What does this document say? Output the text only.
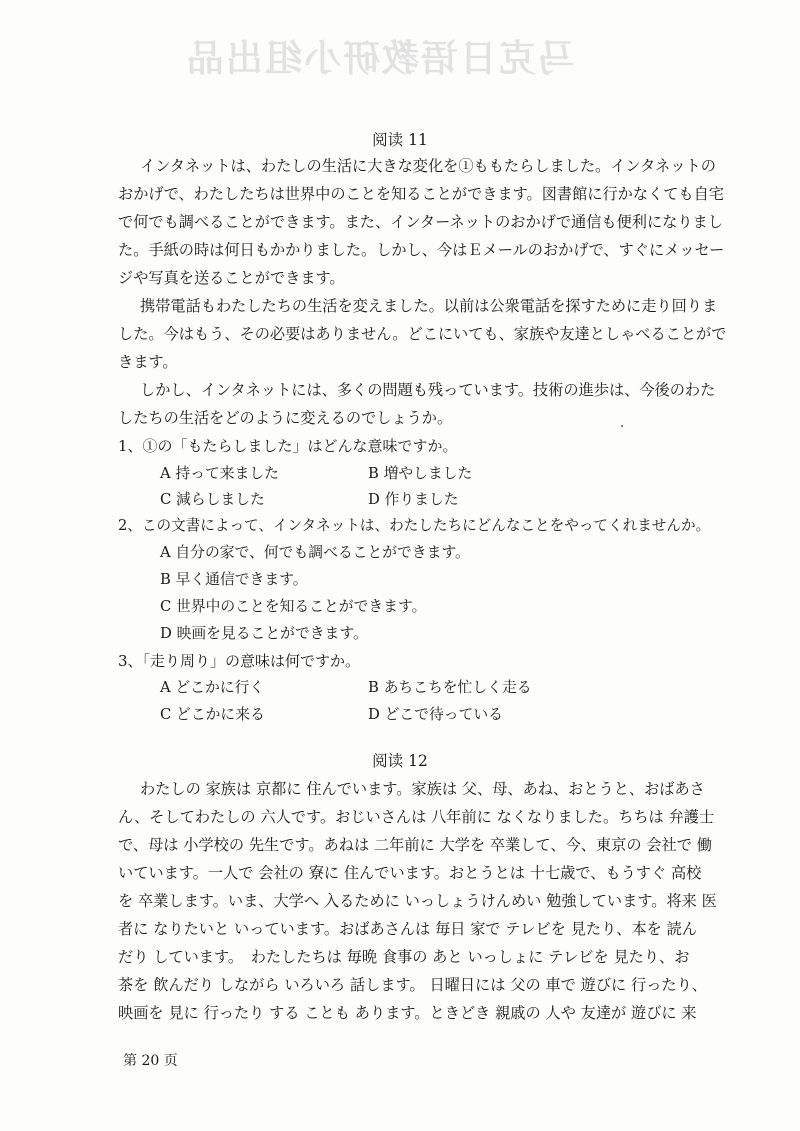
马克日语教研小组出品
阅读 11
インタネットは、わたしの生活に大きな変化を①ももたらしました。インタネットの
おかげで、わたしたちは世界中のことを知ることができます。図書館に行かなくても自宅
で何でも調べることができます。また、インターネットのおかげで通信も便利になりまし
た。手紙の時は何日もかかりました。しかし、今はＥメールのおかげで、すぐにメッセー
ジや写真を送ることができます。
携帯電話もわたしたちの生活を変えました。以前は公衆電話を探すために走り回りま
した。今はもう、その必要はありません。どこにいても、家族や友達としゃべることがで
きます。
しかし、インタネットには、多くの問題も残っています。技術の進歩は、今後のわた
したちの生活をどのように変えるのでしょうか。
1、①の「もたらしました」はどんな意味ですか。
A 持って来ました	B 増やしました
C 減らしました	D 作りました
2、この文書によって、インタネットは、わたしたちにどんなことをやってくれませんか。
A 自分の家で、何でも調べることができます。
B 早く通信できます。
C 世界中のことを知ることができます。
D 映画を見ることができます。
3、「走り周り」の意味は何ですか。
A どこかに行く	B あちこちを忙しく走る
C どこかに来る	D どこで待っている
阅读 12
わたしの 家族は 京都に 住んでいます。家族は 父、母、あね、おとうと、おばあさ
ん、そしてわたしの 六人です。おじいさんは 八年前に なくなりました。ちちは 弁護士
で、母は 小学校の 先生です。あねは 二年前に 大学を 卒業して、今、東京の 会社で 働
いています。一人で 会社の 寮に 住んでいます。おとうとは 十七歳で、もうすぐ 高校
を 卒業します。いま、大学へ 入るために いっしょうけんめい 勉強しています。将来 医
者に なりたいと いっています。おばあさんは 毎日 家で テレビを 見たり、本を 読ん
だり しています。　わたしたちは 毎晩 食事の あと いっしょに テレビを 見たり、お
茶を 飲んだり しながら いろいろ 話します。 日曜日には 父の 車で 遊びに 行ったり、
映画を 見に 行ったり する ことも あります。ときどき 親戚の 人や 友達が 遊びに 来
第 20 页
